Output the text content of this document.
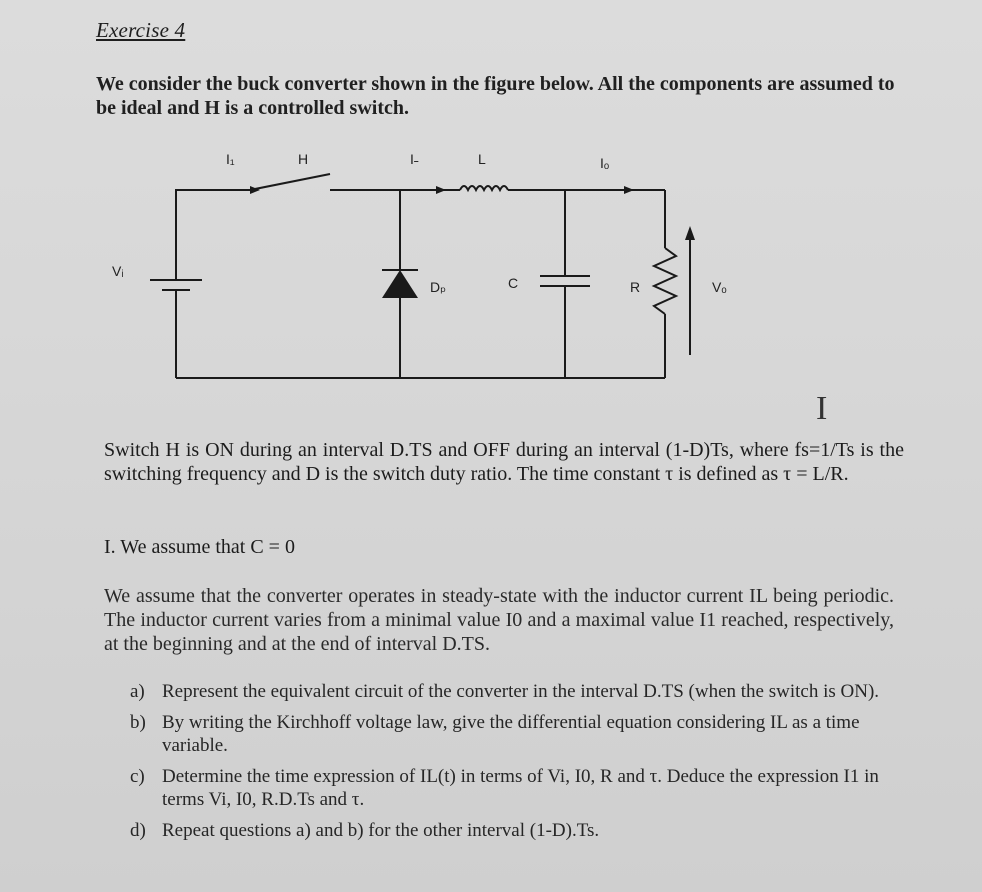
Exercise 4
We consider the buck converter shown in the figure below. All the components are assumed to be ideal and H is a controlled switch.
I₁	H	I˗	L	Iₒ
Vᵢ
Dₚ	C	R	Vₒ
I
Switch H is ON during an interval D.TS and OFF during an interval (1-D)Ts, where fs=1/Ts is the switching frequency and D is the switch duty ratio. The time constant τ is defined as τ = L/R.
I. We assume that C = 0
We assume that the converter operates in steady-state with the inductor current IL being periodic. The inductor current varies from a minimal value I0 and a maximal value I1 reached, respectively, at the beginning and at the end of interval D.TS.
a) Represent the equivalent circuit of the converter in the interval D.TS (when the switch is ON).
b) By writing the Kirchhoff voltage law, give the differential equation considering IL as a time variable.
c) Determine the time expression of IL(t) in terms of Vi, I0, R and τ. Deduce the expression I1 in terms Vi, I0, R.D.Ts and τ.
d) Repeat questions a) and b) for the other interval (1-D).Ts.
